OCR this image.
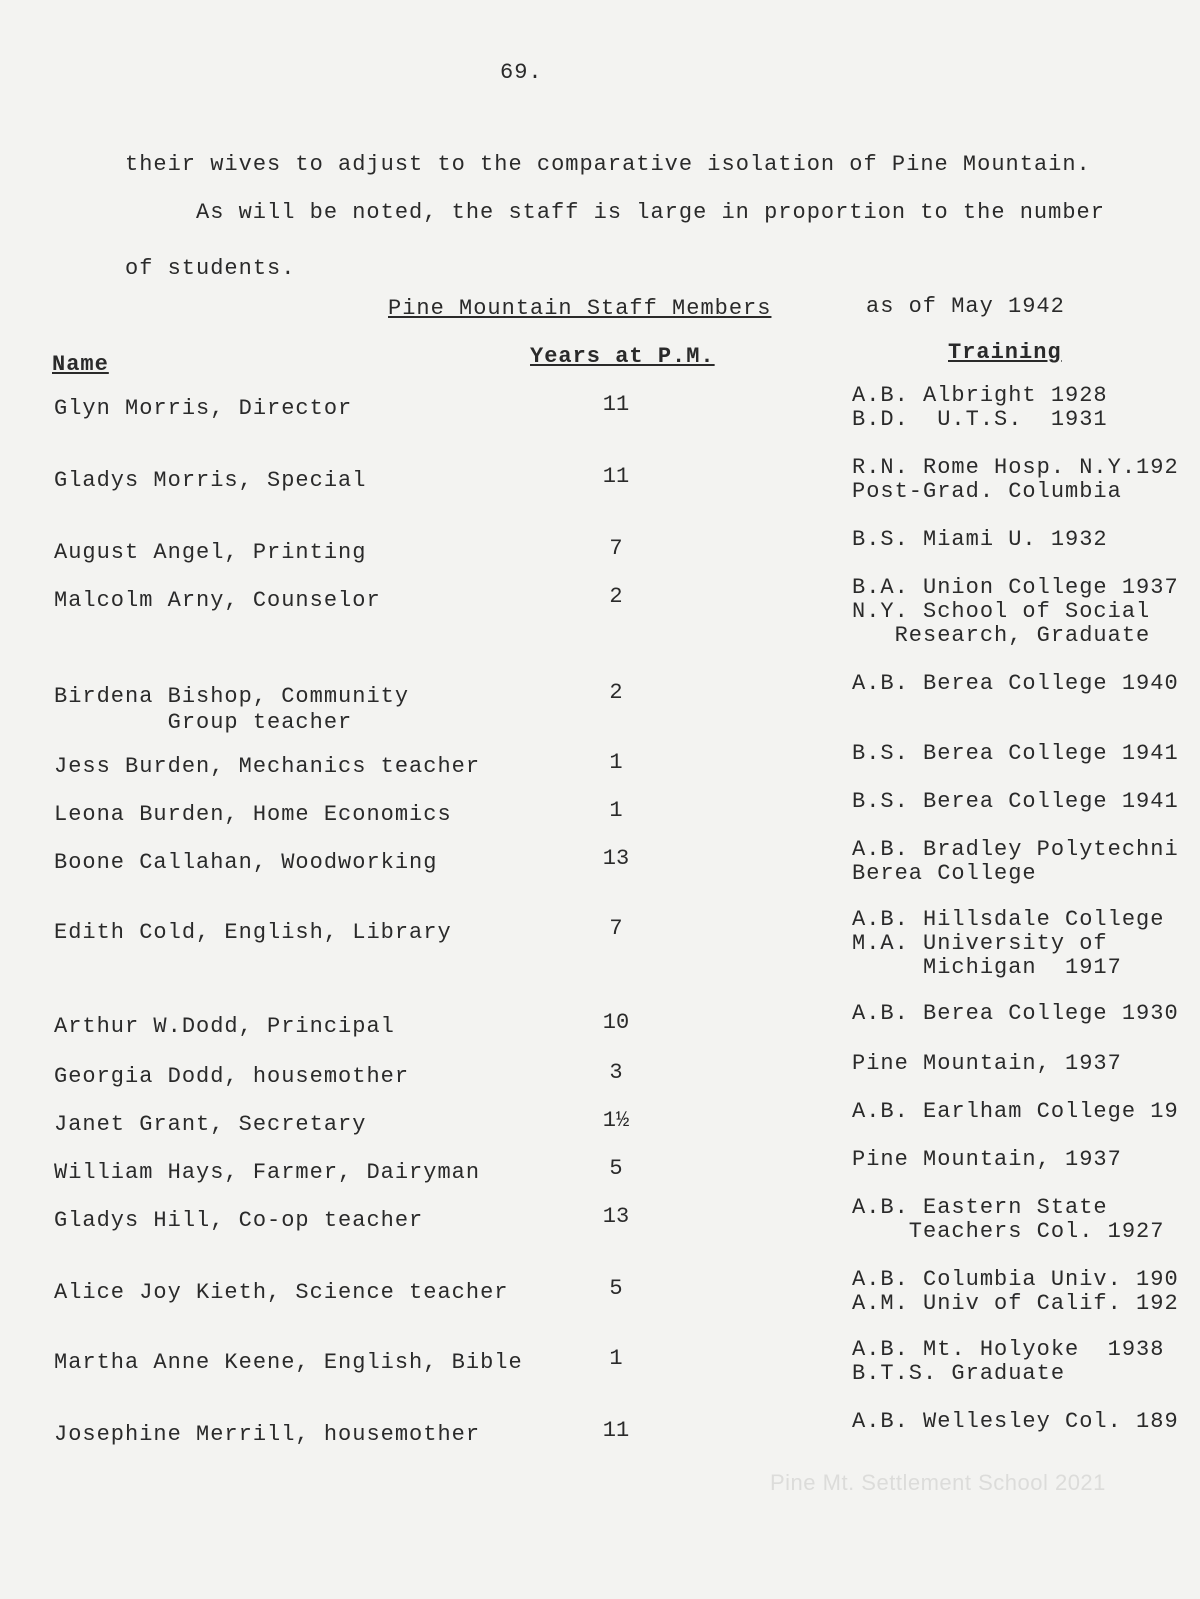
69.
their wives to adjust to the comparative isolation of Pine Mountain.
As will be noted, the staff is large in proportion to the number
of students.
Pine Mountain Staff Members	as of May 1942
Name	Years at P.M.	Training
Glyn Morris, Director	11	A.B. Albright 1928
B.D.  U.T.S.  1931
Gladys Morris, Special	11	R.N. Rome Hosp. N.Y.192
Post-Grad. Columbia
August Angel, Printing	7	B.S. Miami U. 1932
Malcolm Arny, Counselor	2	B.A. Union College 1937
N.Y. School of Social
Research, Graduate
Birdena Bishop, Community
Group teacher
2	A.B. Berea College 1940
Jess Burden, Mechanics teacher	1	B.S. Berea College 1941
Leona Burden, Home Economics	1	B.S. Berea College 1941
Boone Callahan, Woodworking	13	A.B. Bradley Polytechni
Berea College
Edith Cold, English, Library	7	A.B. Hillsdale College
M.A. University of
Michigan  1917
Arthur W.Dodd, Principal	10	A.B. Berea College 1930
Georgia Dodd, housemother	3	Pine Mountain, 1937
Janet Grant, Secretary	1½	A.B. Earlham College 19
William Hays, Farmer, Dairyman	5	Pine Mountain, 1937
Gladys Hill, Co-op teacher	13	A.B. Eastern State
Teachers Col. 1927
Alice Joy Kieth, Science teacher	5	A.B. Columbia Univ. 190
A.M. Univ of Calif. 192
Martha Anne Keene, English, Bible	1	A.B. Mt. Holyoke  1938
B.T.S. Graduate
Josephine Merrill, housemother	11	A.B. Wellesley Col. 189
Pine Mt. Settlement School 2021
